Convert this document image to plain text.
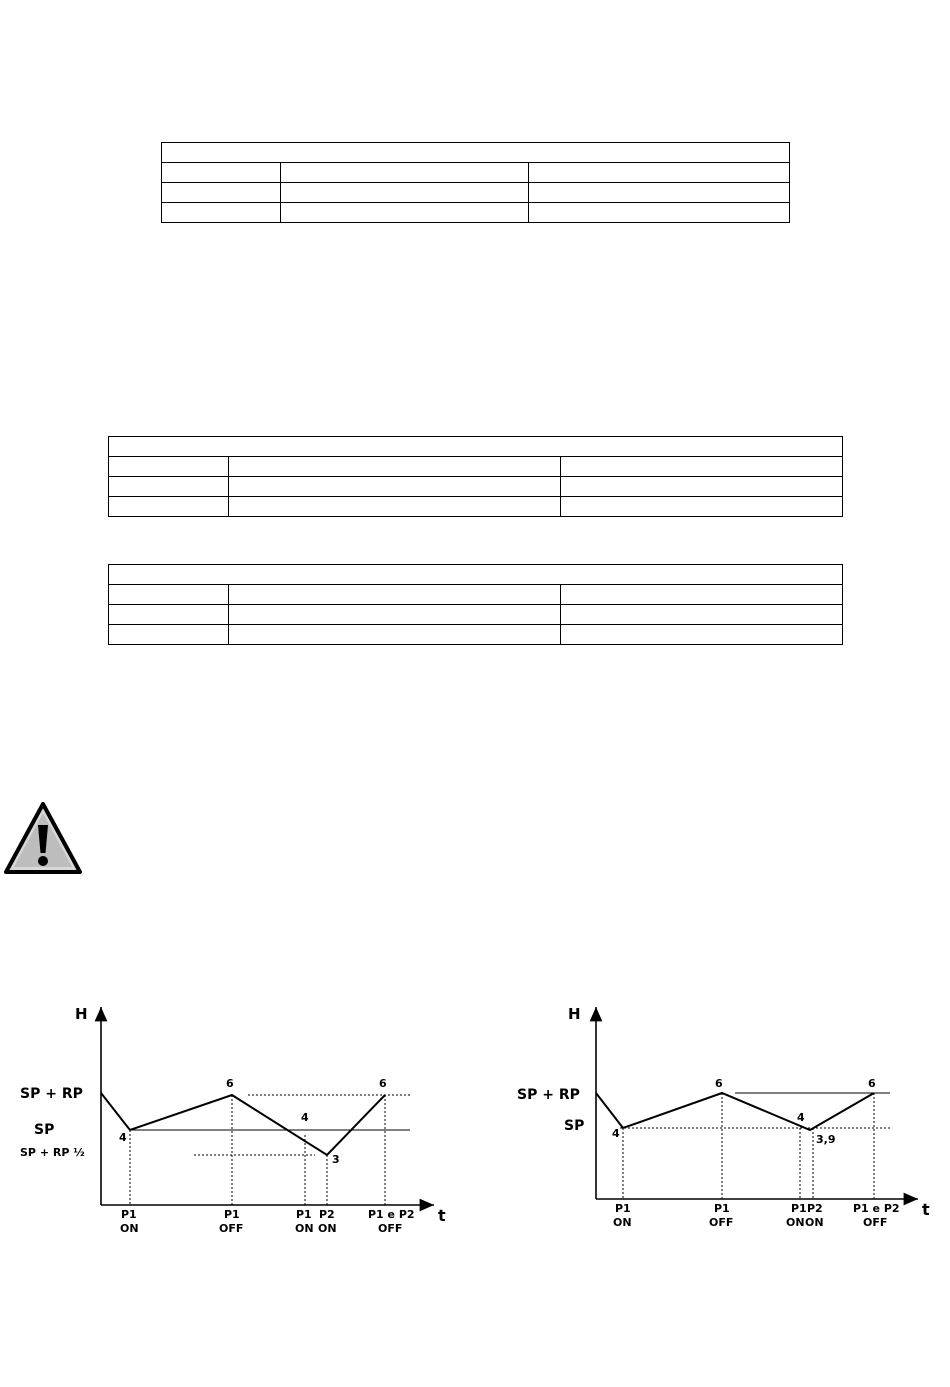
H
t
SP + RP
SP
SP + RP ½
4
6
4
3
6
P1
ON
P1
OFF
P1
ON
P2
ON
P1 e P2
OFF
H
t
SP + RP
SP	4
6
4
3,9
6
P1
ON
P1
OFF
P1
ON
P2
ON
P1 e P2
OFF
